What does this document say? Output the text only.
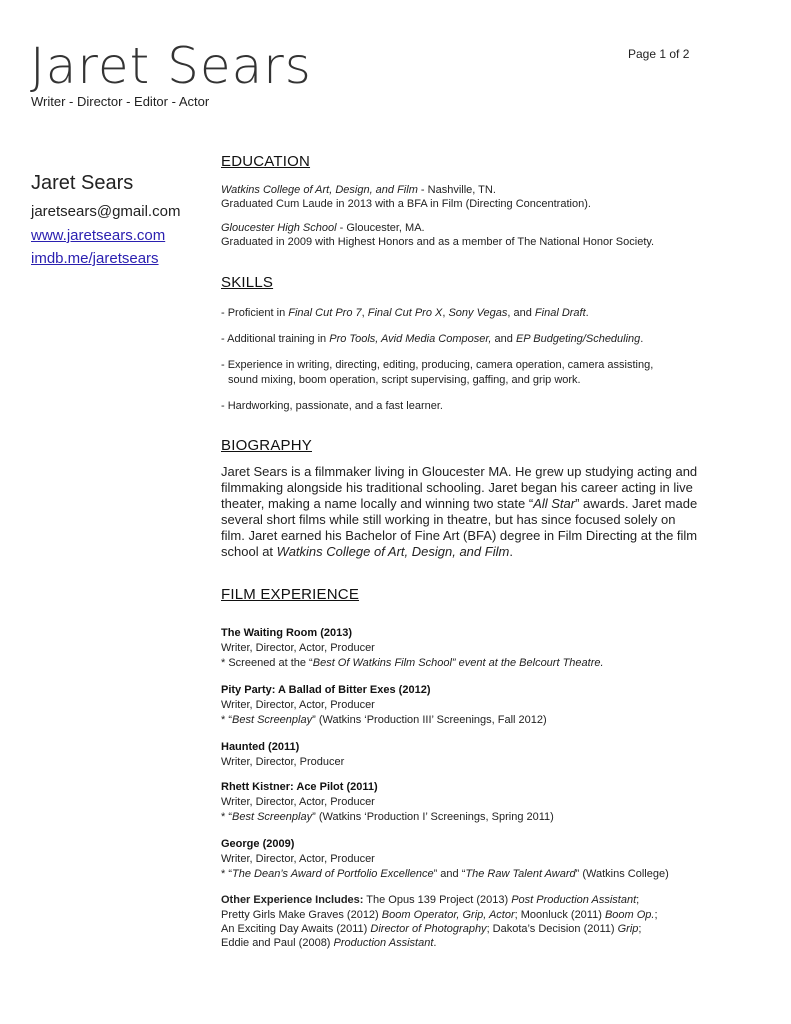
Jaret Sears
Writer - Director - Editor - Actor
Page 1 of 2
Jaret Sears
jaretsears@gmail.com
www.jaretsears.com
imdb.me/jaretsears
EDUCATION
Watkins College of Art, Design, and Film - Nashville, TN.
Graduated Cum Laude in 2013 with a BFA in Film (Directing Concentration).
Gloucester High School - Gloucester, MA.
Graduated in 2009 with Highest Honors and as a member of The National Honor Society.
SKILLS
- Proficient in Final Cut Pro 7, Final Cut Pro X, Sony Vegas, and Final Draft.
- Additional training in Pro Tools, Avid Media Composer, and EP Budgeting/Scheduling.
- Experience in writing, directing, editing, producing, camera operation, camera assisting,
sound mixing, boom operation, script supervising, gaffing, and grip work.
- Hardworking, passionate, and a fast learner.
BIOGRAPHY
Jaret Sears is a filmmaker living in Gloucester MA. He grew up studying acting and filmmaking alongside his traditional schooling. Jaret began his career acting in live theater, making a name locally and winning two state “All Star” awards. Jaret made several short films while still working in theatre, but has since focused solely on film. Jaret earned his Bachelor of Fine Art (BFA) degree in Film Directing at the film school at Watkins College of Art, Design, and Film.
FILM EXPERIENCE
The Waiting Room (2013)
Writer, Director, Actor, Producer
* Screened at the “Best Of Watkins Film School” event at the Belcourt Theatre.
Pity Party: A Ballad of Bitter Exes (2012)
Writer, Director, Actor, Producer
* “Best Screenplay” (Watkins ‘Production III’ Screenings, Fall 2012)
Haunted (2011)
Writer, Director, Producer
Rhett Kistner: Ace Pilot (2011)
Writer, Director, Actor, Producer
* “Best Screenplay” (Watkins ‘Production I’ Screenings, Spring 2011)
George (2009)
Writer, Director, Actor, Producer
* “The Dean’s Award of Portfolio Excellence” and “The Raw Talent Award” (Watkins College)
Other Experience Includes: The Opus 139 Project (2013) Post Production Assistant;
Pretty Girls Make Graves (2012) Boom Operator, Grip, Actor; Moonluck (2011) Boom Op.;
An Exciting Day Awaits (2011) Director of Photography; Dakota’s Decision (2011) Grip;
Eddie and Paul (2008) Production Assistant.
